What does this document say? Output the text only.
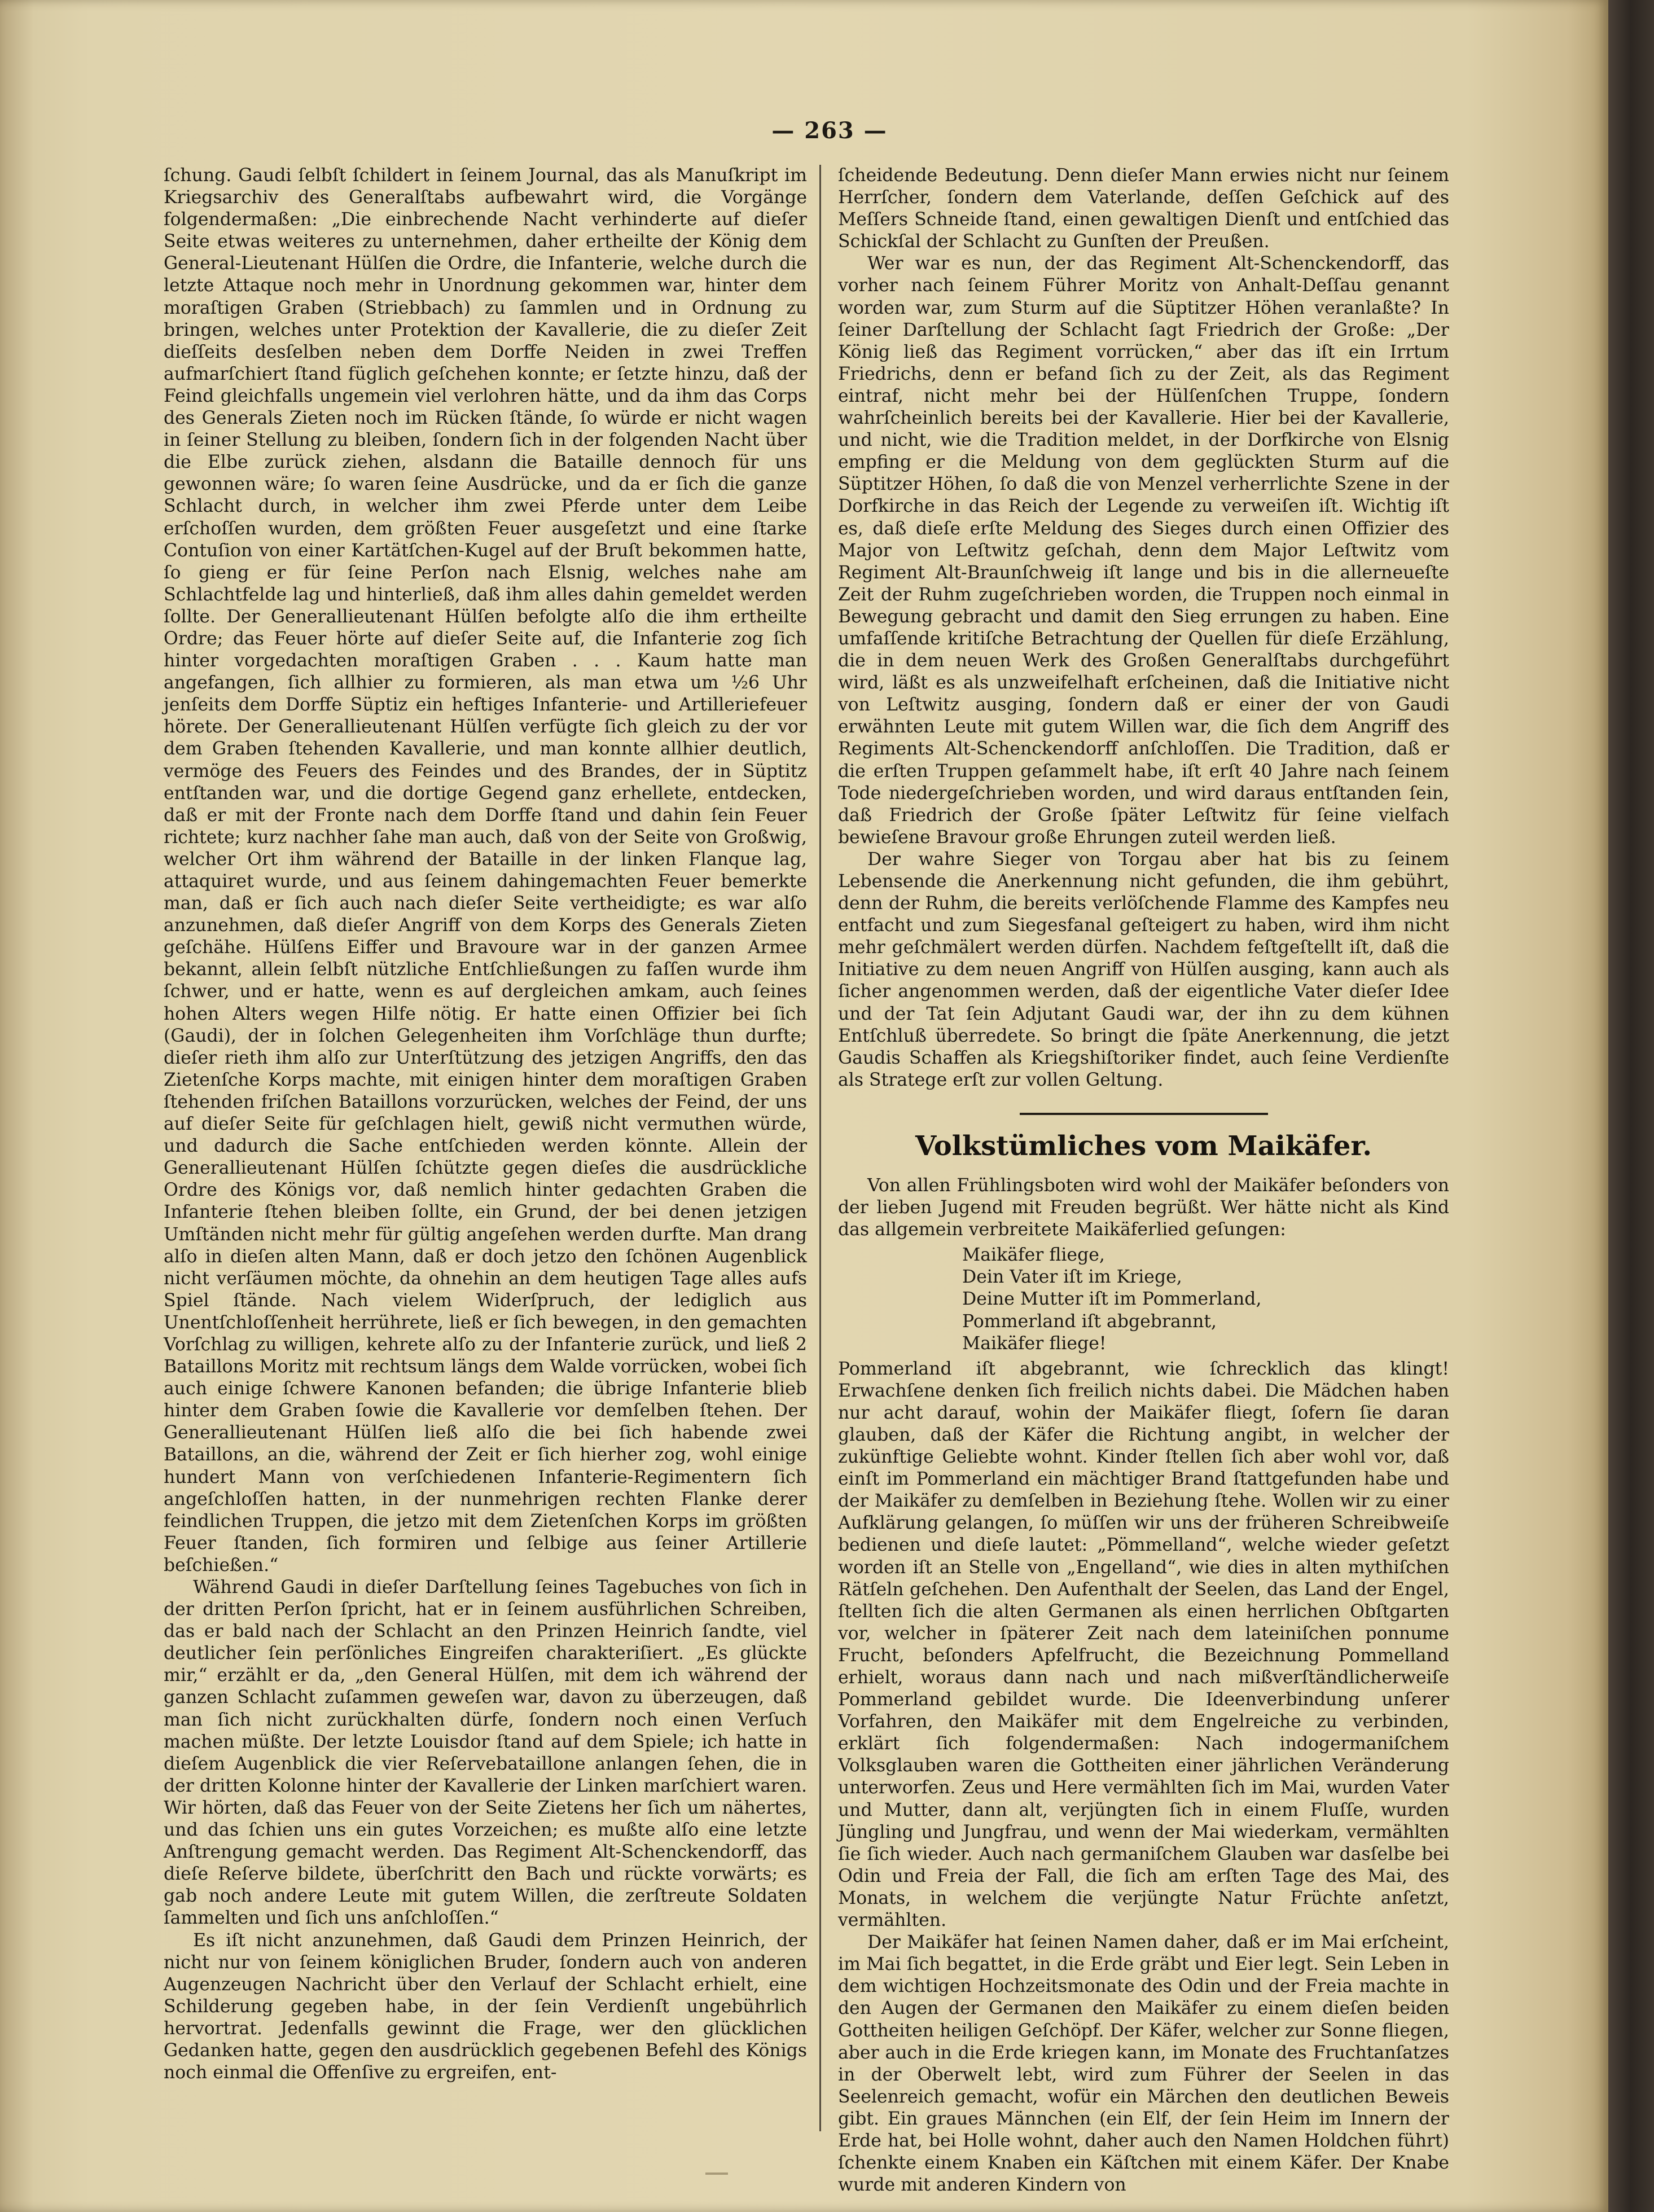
— 263 —

ſchung. Gaudi ſelbſt ſchildert in ſeinem Journal, das als Manuſkript im Kriegsarchiv des Generalſtabs aufbewahrt wird, die Vorgänge folgendermaßen: „Die einbrechende Nacht verhinderte auf dieſer Seite etwas weiteres zu unternehmen, daher ertheilte der König dem General-Lieutenant Hülſen die Ordre, die Infanterie, welche durch die letzte Attaque noch mehr in Unordnung gekommen war, hinter dem moraſtigen Graben (Striebbach) zu ſammlen und in Ordnung zu bringen, welches unter Protektion der Kavallerie, die zu dieſer Zeit dieſſeits desſelben neben dem Dorffe Neiden in zwei Treffen aufmarſchiert ſtand füglich geſchehen konnte; er ſetzte hinzu, daß der Feind gleichfalls ungemein viel verlohren hätte, und da ihm das Corps des Generals Zieten noch im Rücken ſtände, ſo würde er nicht wagen in ſeiner Stellung zu bleiben, ſondern ſich in der folgenden Nacht über die Elbe zurück ziehen, alsdann die Bataille dennoch für uns gewonnen wäre; ſo waren ſeine Ausdrücke, und da er ſich die ganze Schlacht durch, in welcher ihm zwei Pferde unter dem Leibe erſchoſſen wurden, dem größten Feuer ausgeſetzt und eine ſtarke Contuſion von einer Kartätſchen-Kugel auf der Bruſt bekommen hatte, ſo gieng er für ſeine Perſon nach Elsnig, welches nahe am Schlachtfelde lag und hinterließ, daß ihm alles dahin gemeldet werden ſollte. Der Generallieutenant Hülſen befolgte alſo die ihm ertheilte Ordre; das Feuer hörte auf dieſer Seite auf, die Infanterie zog ſich hinter vorgedachten moraſtigen Graben . . . Kaum hatte man angefangen, ſich allhier zu formieren, als man etwa um ½6 Uhr jenſeits dem Dorffe Süptiz ein heftiges Infanterie- und Artilleriefeuer hörete. Der Generallieutenant Hülſen verfügte ſich gleich zu der vor dem Graben ſtehenden Kavallerie, und man konnte allhier deutlich, vermöge des Feuers des Feindes und des Brandes, der in Süptitz entſtanden war, und die dortige Gegend ganz erhellete, entdecken, daß er mit der Fronte nach dem Dorffe ſtand und dahin ſein Feuer richtete; kurz nachher ſahe man auch, daß von der Seite von Großwig, welcher Ort ihm während der Bataille in der linken Flanque lag, attaquiret wurde, und aus ſeinem dahingemachten Feuer bemerkte man, daß er ſich auch nach dieſer Seite vertheidigte; es war alſo anzunehmen, daß dieſer Angriff von dem Korps des Generals Zieten geſchähe. Hülſens Eiffer und Bravoure war in der ganzen Armee bekannt, allein ſelbſt nützliche Entſchließungen zu faſſen wurde ihm ſchwer, und er hatte, wenn es auf dergleichen amkam, auch ſeines hohen Alters wegen Hilfe nötig. Er hatte einen Offizier bei ſich (Gaudi), der in ſolchen Gelegenheiten ihm Vorſchläge thun durfte; dieſer rieth ihm alſo zur Unterſtützung des jetzigen Angriffs, den das Zietenſche Korps machte, mit einigen hinter dem moraſtigen Graben ſtehenden friſchen Bataillons vorzurücken, welches der Feind, der uns auf dieſer Seite für geſchlagen hielt, gewiß nicht vermuthen würde, und dadurch die Sache entſchieden werden könnte. Allein der Generallieutenant Hülſen ſchützte gegen dieſes die ausdrückliche Ordre des Königs vor, daß nemlich hinter gedachten Graben die Infanterie ſtehen bleiben ſollte, ein Grund, der bei denen jetzigen Umſtänden nicht mehr für gültig angeſehen werden durfte. Man drang alſo in dieſen alten Mann, daß er doch jetzo den ſchönen Augenblick nicht verſäumen möchte, da ohnehin an dem heutigen Tage alles aufs Spiel ſtände. Nach vielem Widerſpruch, der lediglich aus Unentſchloſſenheit herrührete, ließ er ſich bewegen, in den gemachten Vorſchlag zu willigen, kehrete alſo zu der Infanterie zurück, und ließ 2 Bataillons Moritz mit rechtsum längs dem Walde vorrücken, wobei ſich auch einige ſchwere Kanonen befanden; die übrige Infanterie blieb hinter dem Graben ſowie die Kavallerie vor demſelben ſtehen. Der Generallieutenant Hülſen ließ alſo die bei ſich habende zwei Bataillons, an die, während der Zeit er ſich hierher zog, wohl einige hundert Mann von verſchiedenen Infanterie-Regimentern ſich angeſchloſſen hatten, in der nunmehrigen rechten Flanke derer feindlichen Truppen, die jetzo mit dem Zietenſchen Korps im größten Feuer ſtanden, ſich formiren und ſelbige aus ſeiner Artillerie beſchießen.“

Während Gaudi in dieſer Darſtellung ſeines Tagebuches von ſich in der dritten Perſon ſpricht, hat er in ſeinem ausführlichen Schreiben, das er bald nach der Schlacht an den Prinzen Heinrich ſandte, viel deutlicher ſein perſönliches Eingreifen charakteriſiert. „Es glückte mir,“ erzählt er da, „den General Hülſen, mit dem ich während der ganzen Schlacht zuſammen geweſen war, davon zu überzeugen, daß man ſich nicht zurückhalten dürfe, ſondern noch einen Verſuch machen müßte. Der letzte Louisdor ſtand auf dem Spiele; ich hatte in dieſem Augenblick die vier Reſervebataillone anlangen ſehen, die in der dritten Kolonne hinter der Kavallerie der Linken marſchiert waren. Wir hörten, daß das Feuer von der Seite Zietens her ſich um nähertes, und das ſchien uns ein gutes Vorzeichen; es mußte alſo eine letzte Anſtrengung gemacht werden. Das Regiment Alt-Schenckendorff, das dieſe Reſerve bildete, überſchritt den Bach und rückte vorwärts; es gab noch andere Leute mit gutem Willen, die zerſtreute Soldaten ſammelten und ſich uns anſchloſſen.“

Es iſt nicht anzunehmen, daß Gaudi dem Prinzen Heinrich, der nicht nur von ſeinem königlichen Bruder, ſondern auch von anderen Augenzeugen Nachricht über den Verlauf der Schlacht erhielt, eine Schilderung gegeben habe, in der ſein Verdienſt ungebührlich hervortrat. Jedenfalls gewinnt die Frage, wer den glücklichen Gedanken hatte, gegen den ausdrücklich gegebenen Befehl des Königs noch einmal die Offenſive zu ergreifen, ent-

ſcheidende Bedeutung. Denn dieſer Mann erwies nicht nur ſeinem Herrſcher, ſondern dem Vaterlande, deſſen Geſchick auf des Meſſers Schneide ſtand, einen gewaltigen Dienſt und entſchied das Schickſal der Schlacht zu Gunſten der Preußen.

Wer war es nun, der das Regiment Alt-Schenckendorff, das vorher nach ſeinem Führer Moritz von Anhalt-Deſſau genannt worden war, zum Sturm auf die Süptitzer Höhen veranlaßte? In ſeiner Darſtellung der Schlacht ſagt Friedrich der Große: „Der König ließ das Regiment vorrücken,“ aber das iſt ein Irrtum Friedrichs, denn er befand ſich zu der Zeit, als das Regiment eintraf, nicht mehr bei der Hülſenſchen Truppe, ſondern wahrſcheinlich bereits bei der Kavallerie. Hier bei der Kavallerie, und nicht, wie die Tradition meldet, in der Dorfkirche von Elsnig empfing er die Meldung von dem geglückten Sturm auf die Süptitzer Höhen, ſo daß die von Menzel verherrlichte Szene in der Dorfkirche in das Reich der Legende zu verweiſen iſt. Wichtig iſt es, daß dieſe erſte Meldung des Sieges durch einen Offizier des Major von Leſtwitz geſchah, denn dem Major Leſtwitz vom Regiment Alt-Braunſchweig iſt lange und bis in die allerneueſte Zeit der Ruhm zugeſchrieben worden, die Truppen noch einmal in Bewegung gebracht und damit den Sieg errungen zu haben. Eine umfaſſende kritiſche Betrachtung der Quellen für dieſe Erzählung, die in dem neuen Werk des Großen Generalſtabs durchgeführt wird, läßt es als unzweifelhaft erſcheinen, daß die Initiative nicht von Leſtwitz ausging, ſondern daß er einer der von Gaudi erwähnten Leute mit gutem Willen war, die ſich dem Angriff des Regiments Alt-Schenckendorff anſchloſſen. Die Tradition, daß er die erſten Truppen geſammelt habe, iſt erſt 40 Jahre nach ſeinem Tode niedergeſchrieben worden, und wird daraus entſtanden ſein, daß Friedrich der Große ſpäter Leſtwitz für ſeine vielfach bewieſene Bravour große Ehrungen zuteil werden ließ.

Der wahre Sieger von Torgau aber hat bis zu ſeinem Lebensende die Anerkennung nicht gefunden, die ihm gebührt, denn der Ruhm, die bereits verlöſchende Flamme des Kampfes neu entfacht und zum Siegesfanal geſteigert zu haben, wird ihm nicht mehr geſchmälert werden dürfen. Nachdem feſtgeſtellt iſt, daß die Initiative zu dem neuen Angriff von Hülſen ausging, kann auch als ſicher angenommen werden, daß der eigentliche Vater dieſer Idee und der Tat ſein Adjutant Gaudi war, der ihn zu dem kühnen Entſchluß überredete. So bringt die ſpäte Anerkennung, die jetzt Gaudis Schaffen als Kriegshiſtoriker findet, auch ſeine Verdienſte als Stratege erſt zur vollen Geltung.

Volkstümliches vom Maikäfer.

Von allen Frühlingsboten wird wohl der Maikäfer beſonders von der lieben Jugend mit Freuden begrüßt. Wer hätte nicht als Kind das allgemein verbreitete Maikäferlied geſungen:

Maikäfer fliege,
Dein Vater iſt im Kriege,
Deine Mutter iſt im Pommerland,
Pommerland iſt abgebrannt,
Maikäfer fliege!

Pommerland iſt abgebrannt, wie ſchrecklich das klingt! Erwachſene denken ſich freilich nichts dabei. Die Mädchen haben nur acht darauf, wohin der Maikäfer fliegt, ſofern ſie daran glauben, daß der Käfer die Richtung angibt, in welcher der zukünftige Geliebte wohnt. Kinder ſtellen ſich aber wohl vor, daß einſt im Pommerland ein mächtiger Brand ſtattgefunden habe und der Maikäfer zu demſelben in Beziehung ſtehe. Wollen wir zu einer Aufklärung gelangen, ſo müſſen wir uns der früheren Schreibweiſe bedienen und dieſe lautet: „Pömmelland“, welche wieder geſetzt worden iſt an Stelle von „Engelland“, wie dies in alten mythiſchen Rätſeln geſchehen. Den Aufenthalt der Seelen, das Land der Engel, ſtellten ſich die alten Germanen als einen herrlichen Obſtgarten vor, welcher in ſpäterer Zeit nach dem lateiniſchen ponnume Frucht, beſonders Apfelfrucht, die Bezeichnung Pommelland erhielt, woraus dann nach und nach mißverſtändlicherweiſe Pommerland gebildet wurde. Die Ideenverbindung unſerer Vorfahren, den Maikäfer mit dem Engelreiche zu verbinden, erklärt ſich folgendermaßen: Nach indogermaniſchem Volksglauben waren die Gottheiten einer jährlichen Veränderung unterworfen. Zeus und Here vermählten ſich im Mai, wurden Vater und Mutter, dann alt, verjüngten ſich in einem Fluſſe, wurden Jüngling und Jungfrau, und wenn der Mai wiederkam, vermählten ſie ſich wieder. Auch nach germaniſchem Glauben war dasſelbe bei Odin und Freia der Fall, die ſich am erſten Tage des Mai, des Monats, in welchem die verjüngte Natur Früchte anſetzt, vermählten.

Der Maikäfer hat ſeinen Namen daher, daß er im Mai erſcheint, im Mai ſich begattet, in die Erde gräbt und Eier legt. Sein Leben in dem wichtigen Hochzeitsmonate des Odin und der Freia machte in den Augen der Germanen den Maikäfer zu einem dieſen beiden Gottheiten heiligen Geſchöpf. Der Käfer, welcher zur Sonne fliegen, aber auch in die Erde kriegen kann, im Monate des Fruchtanſatzes in der Oberwelt lebt, wird zum Führer der Seelen in das Seelenreich gemacht, wofür ein Märchen den deutlichen Beweis gibt. Ein graues Männchen (ein Elf, der ſein Heim im Innern der Erde hat, bei Holle wohnt, daher auch den Namen Holdchen führt) ſchenkte einem Knaben ein Käſtchen mit einem Käfer. Der Knabe wurde mit anderen Kindern von
